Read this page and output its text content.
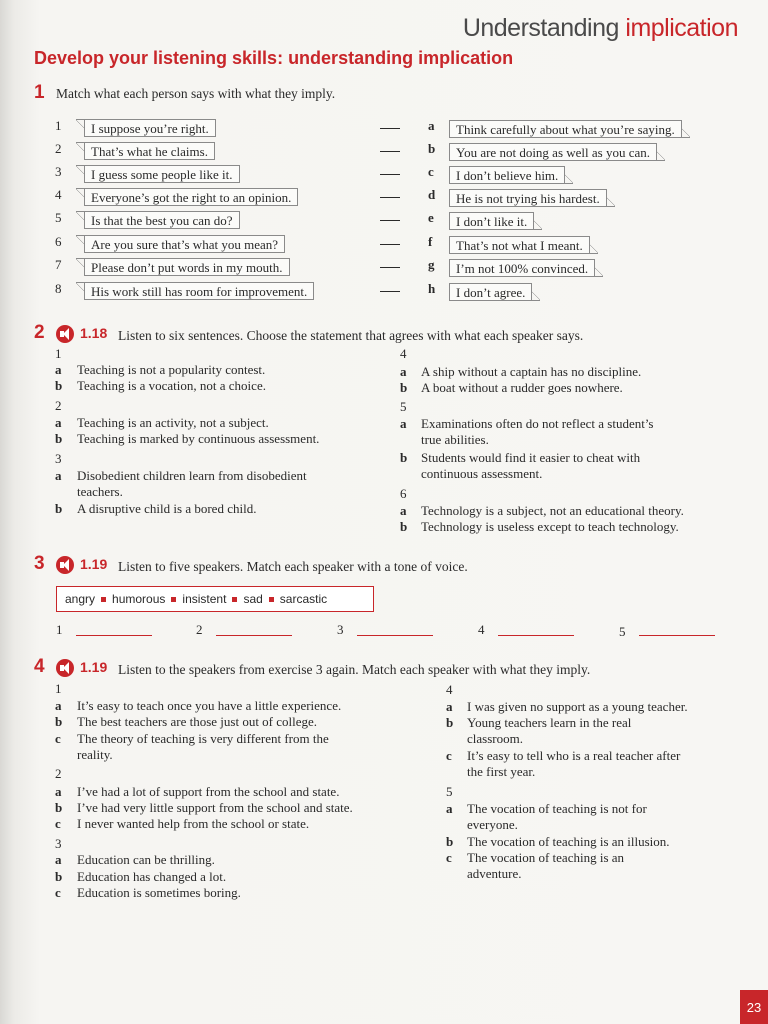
Understanding implication
Develop your listening skills: understanding implication
1 Match what each person says with what they imply.
1	I suppose you’re right.
2	That’s what he claims.
3	I guess some people like it.
4	Everyone’s got the right to an opinion.
5	Is that the best you can do?
6	Are you sure that’s what you mean?
7	Please don’t put words in my mouth.
8	His work still has room for improvement.
a	Think carefully about what you’re saying.
b	You are not doing as well as you can.
c	I don’t believe him.
d	He is not trying his hardest.
e	I don’t like it.
f	That’s not what I meant.
g	I’m not 100% convinced.
h	I don’t agree.
2	1.18 Listen to six sentences. Choose the statement that agrees with what each speaker says.
1
a Teaching is not a popularity contest.
b Teaching is a vocation, not a choice.
2
a Teaching is an activity, not a subject.
b Teaching is marked by continuous assessment.
3
a Disobedient children learn from disobedient
teachers.
b A disruptive child is a bored child.
4
a A ship without a captain has no discipline.
b A boat without a rudder goes nowhere.
5
a Examinations often do not reflect a student’s
true abilities.
b Students would find it easier to cheat with
continuous assessment.
6
a Technology is a subject, not an educational theory.
b Technology is useless except to teach technology.
3	1.19 Listen to five speakers. Match each speaker with a tone of voice.
angry humorous insistent sad sarcastic
1	2	3	4	5
4	1.19 Listen to the speakers from exercise 3 again. Match each speaker with what they imply.
1
a It’s easy to teach once you have a little experience.
b The best teachers are those just out of college.
c The theory of teaching is very different from the
reality.
2
a I’ve had a lot of support from the school and state.
b I’ve had very little support from the school and state.
c I never wanted help from the school or state.
3
a Education can be thrilling.
b Education has changed a lot.
c Education is sometimes boring.
4
a I was given no support as a young teacher.
b Young teachers learn in the real
classroom.
c It’s easy to tell who is a real teacher after
the first year.
5
a The vocation of teaching is not for
everyone.
b The vocation of teaching is an illusion.
c The vocation of teaching is an
adventure.
23
